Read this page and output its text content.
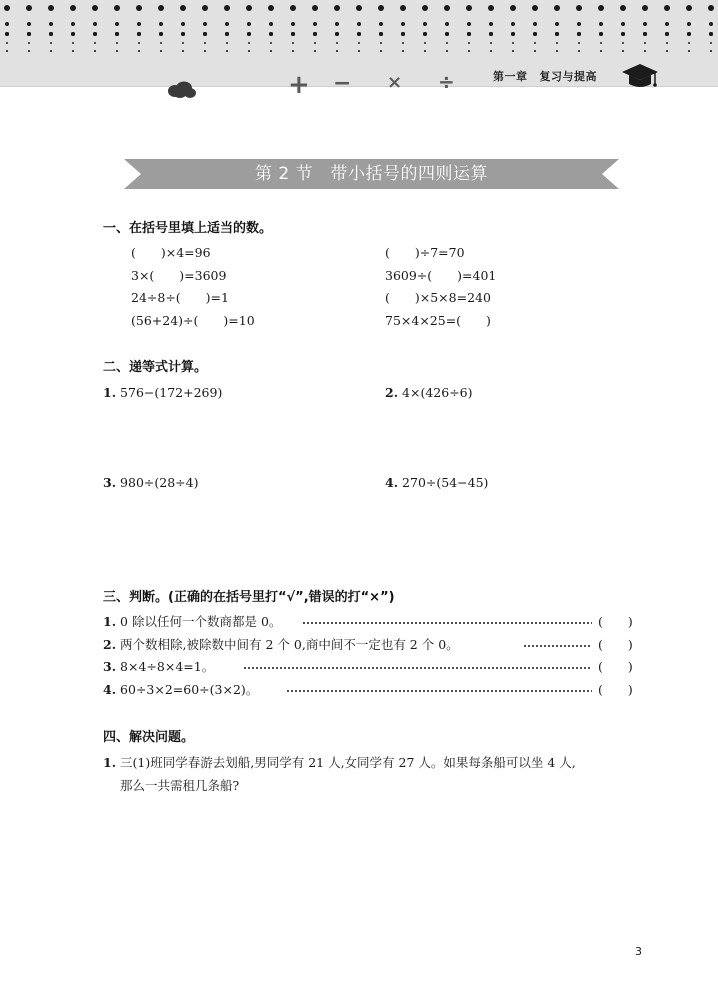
+ − × ÷	第一章 复习与提高
第 2 节　带小括号的四则运算
一、在括号里填上适当的数。
(　　)×4=96	(　　)÷7=70
3×(　　)=3609	3609÷(　　)=401
24÷8÷(　　)=1	(　　)×5×8=240
(56+24)÷(　　)=10	75×4×25=(　　)
二、递等式计算。
1. 576−(172+269)	2. 4×(426÷6)
3. 980÷(28÷4)	4. 270÷(54−45)
三、判断。(正确的在括号里打“√”,错误的打“×”)
1. 0 除以任何一个数商都是 0。	(　　)
2. 两个数相除,被除数中间有 2 个 0,商中间不一定也有 2 个 0。	(　　)
3. 8×4÷8×4=1。	(　　)
4. 60÷3×2=60÷(3×2)。	(　　)
四、解决问题。
1. 三(1)班同学春游去划船,男同学有 21 人,女同学有 27 人。如果每条船可以坐 4 人,
那么一共需租几条船?
3
